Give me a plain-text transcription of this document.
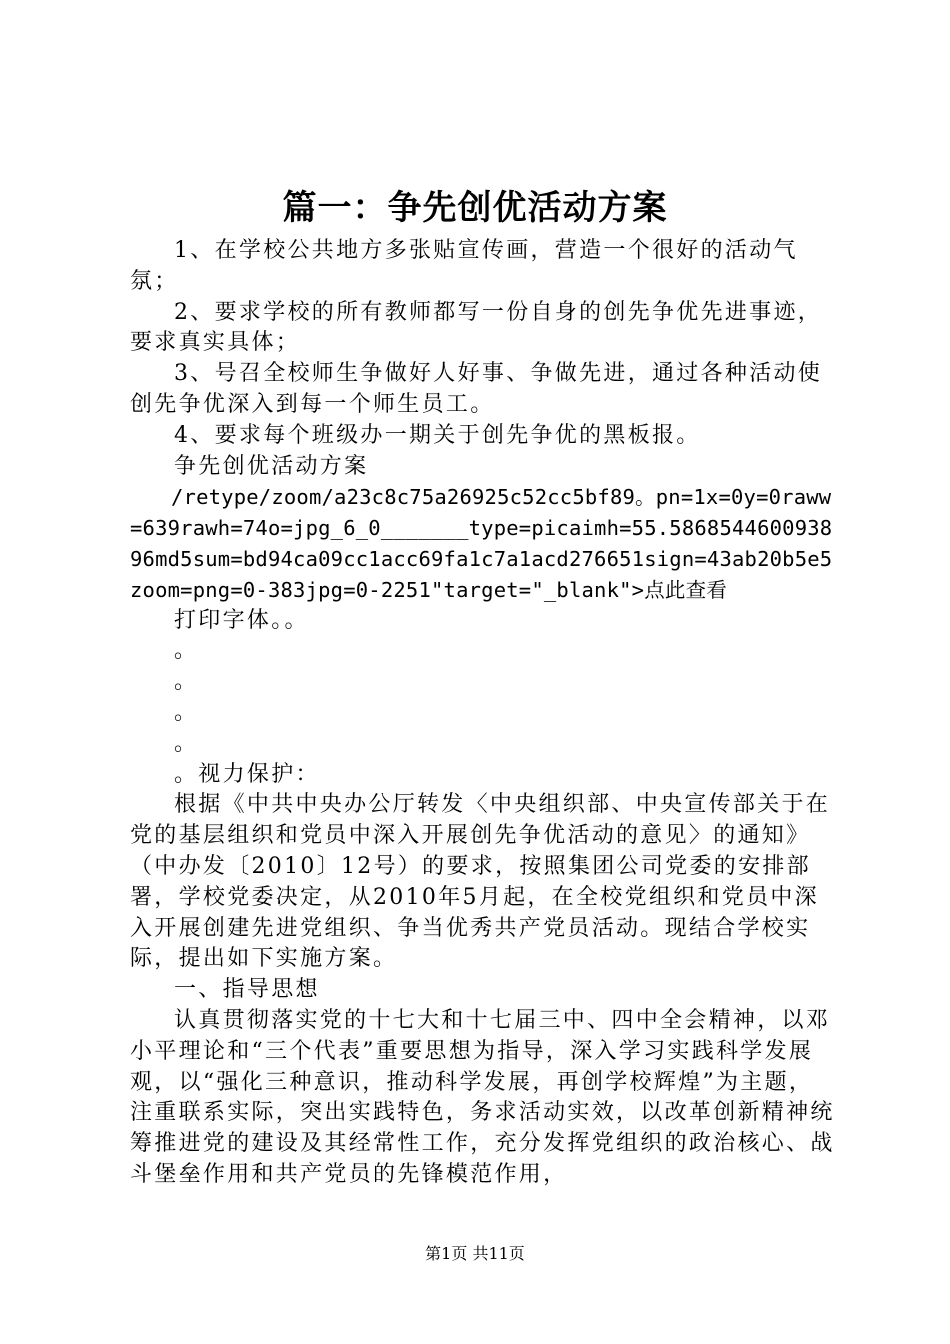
篇一：争先创优活动方案

1、在学校公共地方多张贴宣传画，营造一个很好的活动气氛；

2、要求学校的所有教师都写一份自身的创先争优先进事迹，要求真实具体；

3、号召全校师生争做好人好事、争做先进，通过各种活动使创先争优深入到每一个师生员工。

4、要求每个班级办一期关于创先争优的黑板报。

争先创优活动方案

/retype/zoom/a23c8c75a26925c52cc5bf89。pn=1x=0y=0raww=639rawh=74o=jpg_6_0_______type=picaimh=55.586854460093896md5sum=bd94ca09cc1acc69fa1c7a1acd276651sign=43ab20b5e5zoom=png=0-383jpg=0-2251"target="_blank">点此查看

打印字体。。

。

。

。

。

。视力保护：

根据《中共中央办公厅转发〈中央组织部、中央宣传部关于在党的基层组织和党员中深入开展创先争优活动的意见〉的通知》（中办发〔2010〕12号）的要求，按照集团公司党委的安排部署，学校党委决定，从2010年5月起，在全校党组织和党员中深入开展创建先进党组织、争当优秀共产党员活动。现结合学校实际，提出如下实施方案。

一、指导思想

认真贯彻落实党的十七大和十七届三中、四中全会精神，以邓小平理论和“三个代表”重要思想为指导，深入学习实践科学发展观，以“强化三种意识，推动科学发展，再创学校辉煌”为主题，注重联系实际，突出实践特色，务求活动实效，以改革创新精神统筹推进党的建设及其经常性工作，充分发挥党组织的政治核心、战斗堡垒作用和共产党员的先锋模范作用，

第1页 共11页
